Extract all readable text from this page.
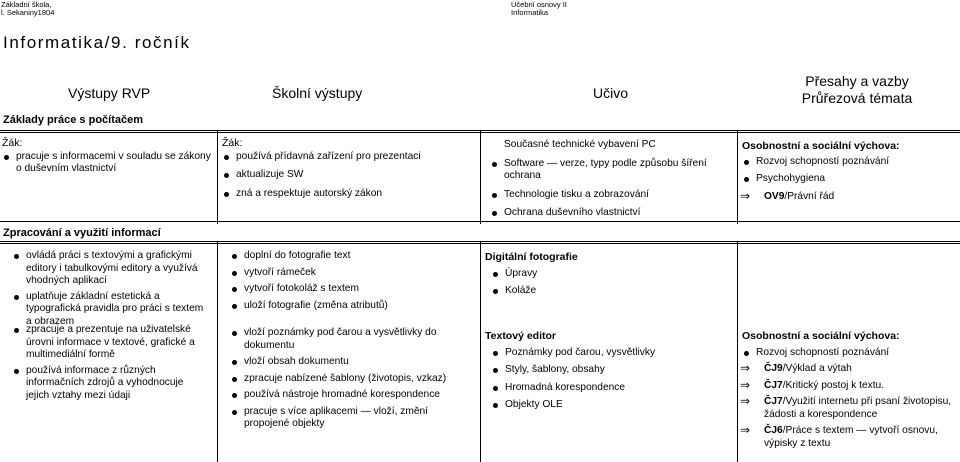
Základní škola,
l. Sekaniny1804
Učební osnovy II
Informatika
Informatika/9. ročník
Výstupy RVP	Školní výstupy	Učivo
Přesahy a vazby
Průřezová témata
Základy práce s počítačem
Žák:
pracuje s informacemi v souladu se zákony o duševním vlastnictví
Žák:
používá přídavná zařízení pro prezentaci
aktualizuje SW
zná a respektuje autorský zákon
Současné technické vybavení PC
Software — verze, typy podle způsobu šíření ochrana
Technologie tisku a zobrazování
Ochrana duševního vlastnictví
Osobnostní a sociální výchova:
Rozvoj schopností poznávání
Psychohygiena
⇒ OV9/Právní řád
Zpracování a využití informací
ovládá práci s textovými a grafickými editory i tabulkovými editory a využívá vhodných aplikací
uplatňuje základní estetická a typografická pravidla pro práci s textem a obrazem
doplní do fotografie text
vytvoří rámeček
vytvoří fotokoláž s textem
uloží fotografie (změna atributů)
Digitální fotografie
Úpravy
Koláže
zpracuje a prezentuje na uživatelské úrovni informace v textové, grafické a multimediální formě
používá informace z různých informačních zdrojů a vyhodnocuje jejich vztahy mezi údaji
vloží poznámky pod čarou a vysvětlivky do dokumentu
vloží obsah dokumentu
zpracuje nabízené šablony (životopis, vzkaz)
používá nástroje hromadné korespondence
pracuje s více aplikacemi — vloží, změní propojené objekty
Textový editor
Poznámky pod čarou, vysvětlivky
Styly, šablony, obsahy
Hromadná korespondence
Objekty OLE
Osobnostní a sociální výchova:
Rozvoj schopností poznávání
⇒ ČJ9/Výklad a výtah
⇒ ČJ7/Kritický postoj k textu.
⇒ ČJ7/Využití internetu při psaní životopisu, žádosti a korespondence
⇒ ČJ6/Práce s textem — vytvoří osnovu, výpisky z textu
